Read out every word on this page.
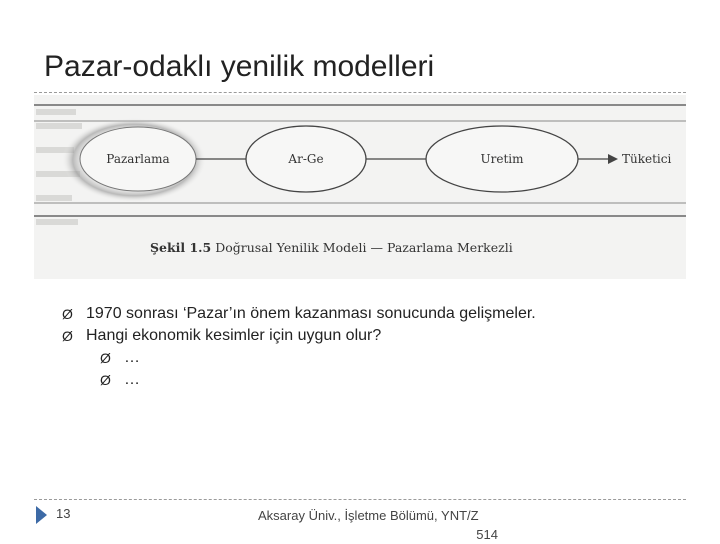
Pazar-odaklı yenilik modelleri
Pazarlama	Ar-Ge	Uretim	Tüketici
Şekil 1.5 Doğrusal Yenilik Modeli — Pazarlama Merkezli
Ø 1970 sonrası ‘Pazar’ın önem kazanması sonucunda gelişmeler.
Ø Hangi ekonomik kesimler için uygun olur?
Ø …
Ø …
13	Aksaray Üniv., İşletme Bölümü, YNT/Z
514
